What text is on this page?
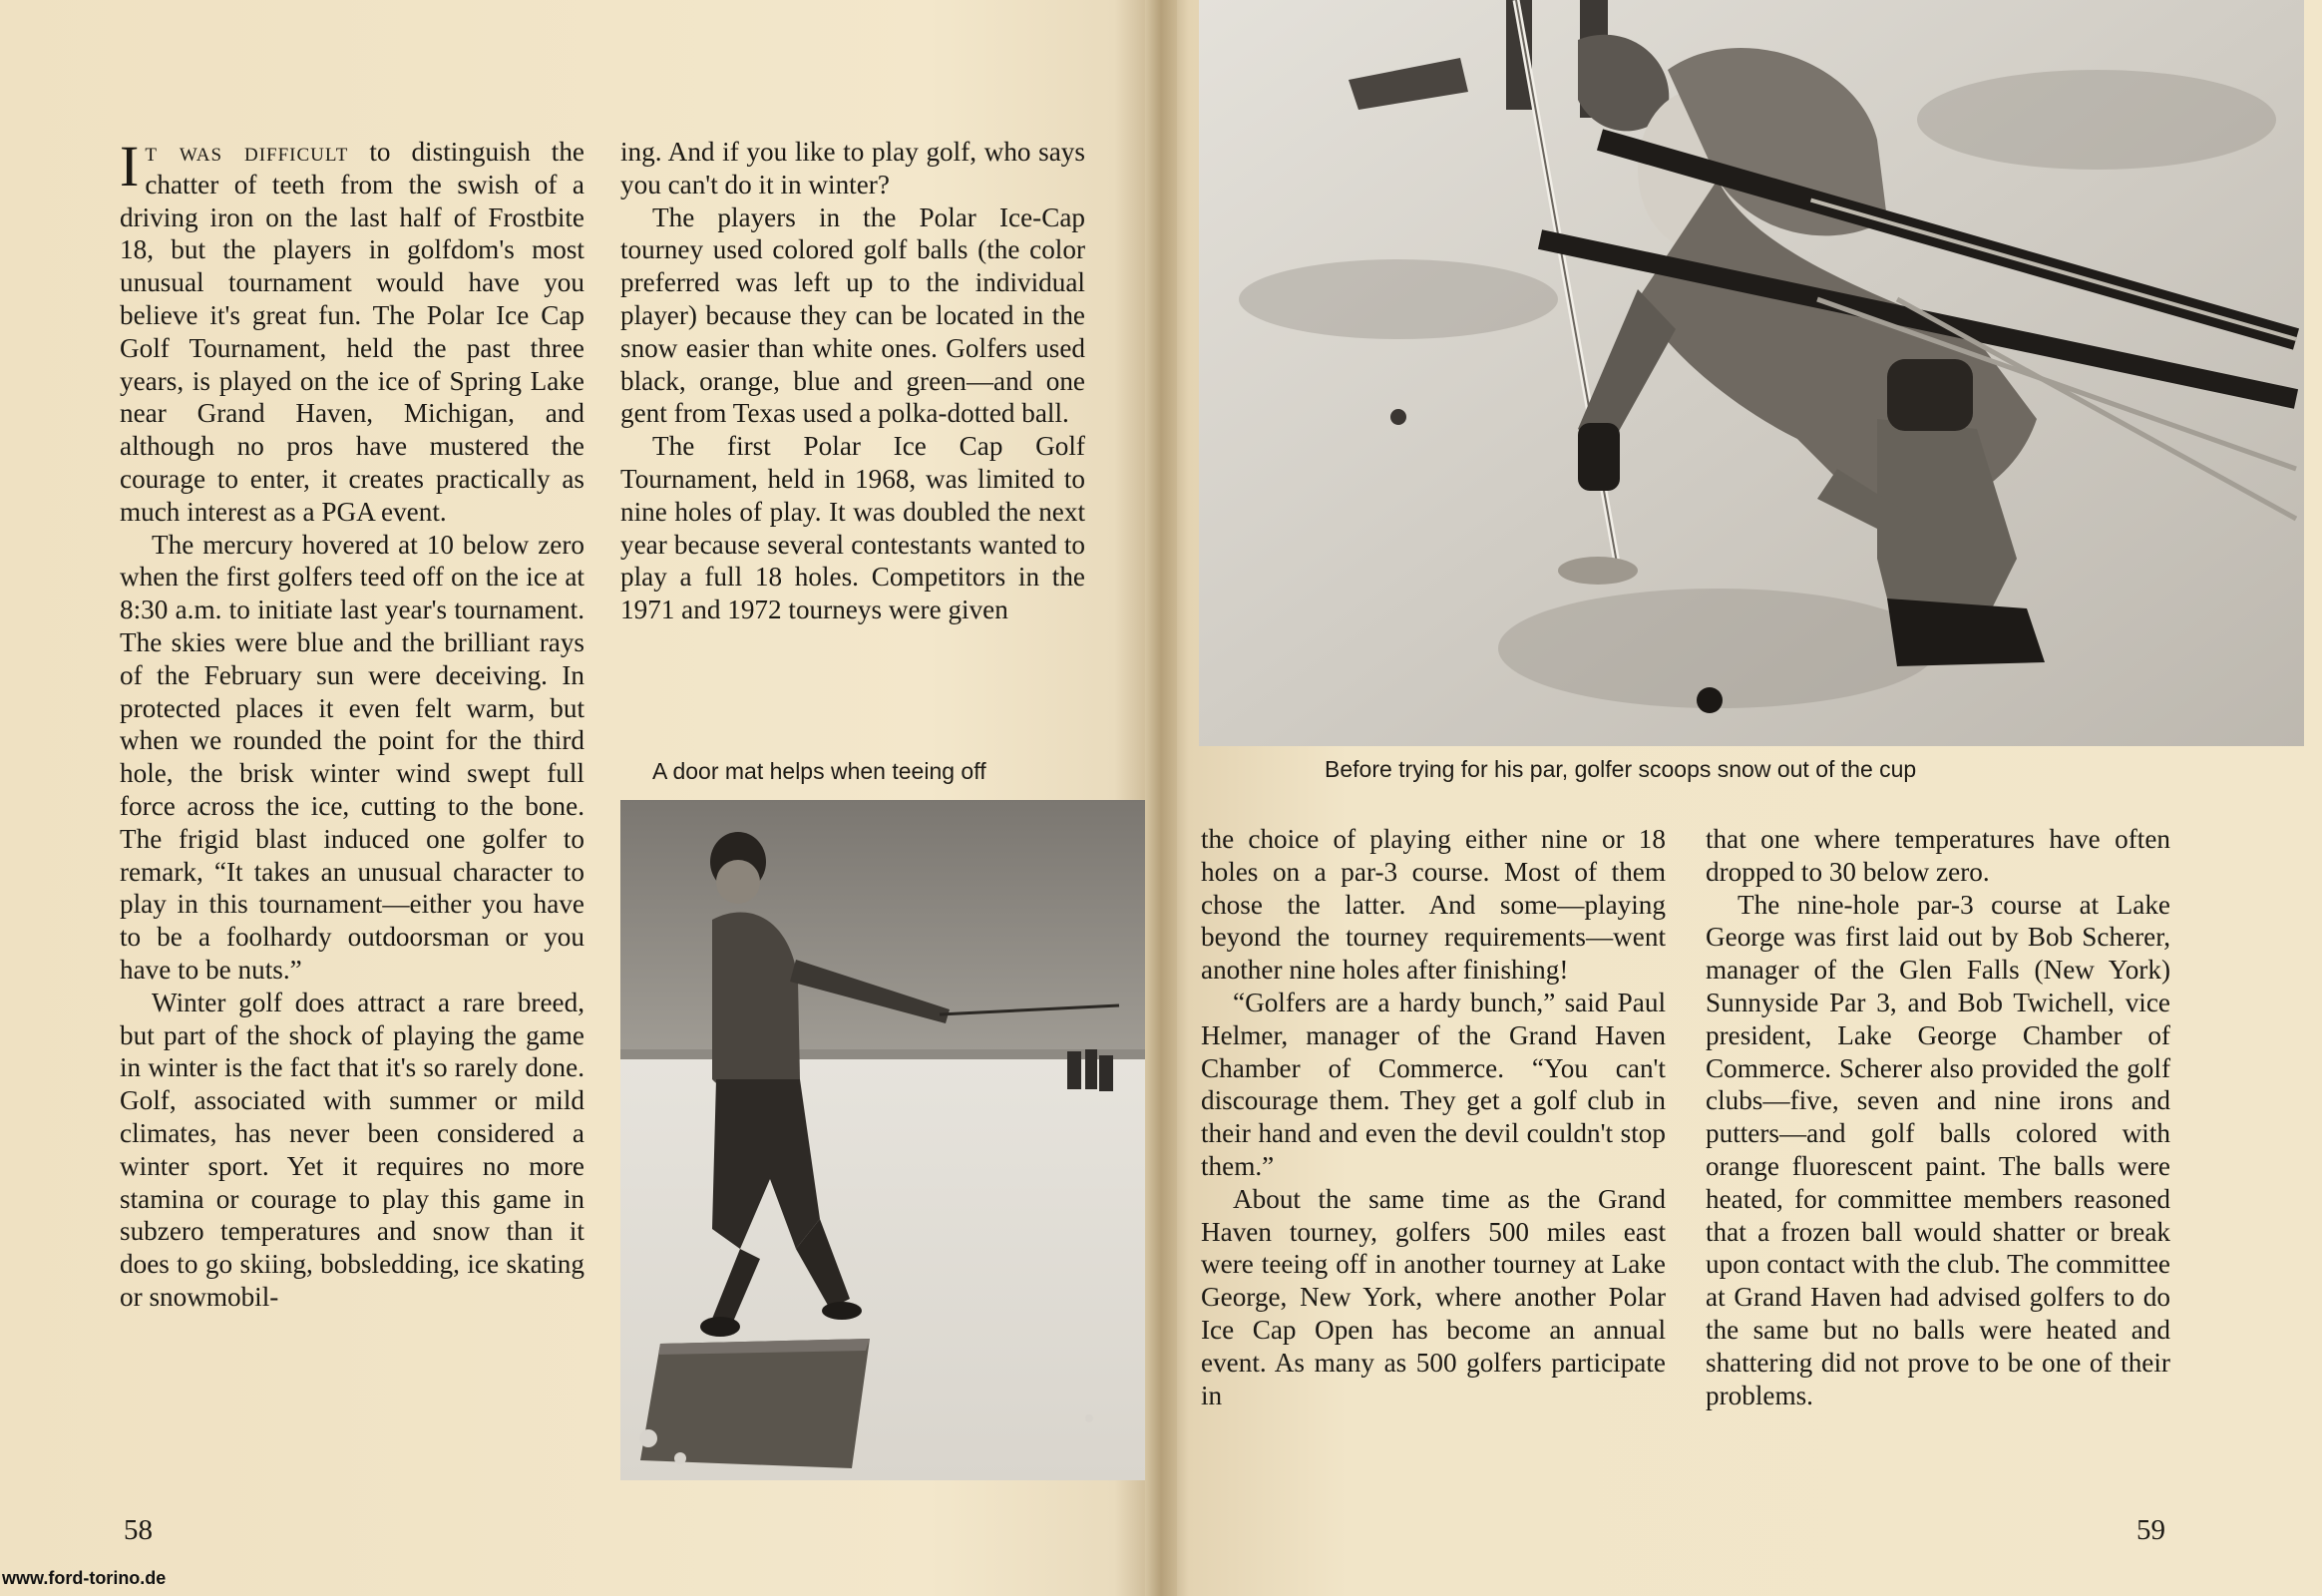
It was difficult to distinguish the chatter of teeth from the swish of a driving iron on the last half of Frostbite 18, but the players in golfdom's most unusual tournament would have you believe it's great fun. The Polar Ice Cap Golf Tournament, held the past three years, is played on the ice of Spring Lake near Grand Haven, Michigan, and although no pros have mustered the courage to enter, it creates practically as much interest as a PGA event.

The mercury hovered at 10 below zero when the first golfers teed off on the ice at 8:30 a.m. to initiate last year's tournament. The skies were blue and the brilliant rays of the February sun were deceiving. In protected places it even felt warm, but when we rounded the point for the third hole, the brisk winter wind swept full force across the ice, cutting to the bone. The frigid blast induced one golfer to remark, “It takes an unusual character to play in this tournament—either you have to be a foolhardy outdoorsman or you have to be nuts.”

Winter golf does attract a rare breed, but part of the shock of playing the game in winter is the fact that it's so rarely done. Golf, associated with summer or mild climates, has never been considered a winter sport. Yet it requires no more stamina or courage to play this game in subzero temperatures and snow than it does to go skiing, bobsledding, ice skating or snowmobil-

ing. And if you like to play golf, who says you can't do it in winter?

The players in the Polar Ice-Cap tourney used colored golf balls (the color preferred was left up to the individual player) because they can be located in the snow easier than white ones. Golfers used black, orange, blue and green—and one gent from Texas used a polka-dotted ball.

The first Polar Ice Cap Golf Tournament, held in 1968, was limited to nine holes of play. It was doubled the next year because several contestants wanted to play a full 18 holes. Competitors in the 1971 and 1972 tourneys were given

A door mat helps when teeing off
58
www.ford-torino.de
Before trying for his par, golfer scoops snow out of the cup

the choice of playing either nine or 18 holes on a par-3 course. Most of them chose the latter. And some—playing beyond the tourney requirements—went another nine holes after finishing!

“Golfers are a hardy bunch,” said Paul Helmer, manager of the Grand Haven Chamber of Commerce. “You can't discourage them. They get a golf club in their hand and even the devil couldn't stop them.”

About the same time as the Grand Haven tourney, golfers 500 miles east were teeing off in another tourney at Lake George, New York, where another Polar Ice Cap Open has become an annual event. As many as 500 golfers participate in

that one where temperatures have often dropped to 30 below zero.

The nine-hole par-3 course at Lake George was first laid out by Bob Scherer, manager of the Glen Falls (New York) Sunnyside Par 3, and Bob Twichell, vice president, Lake George Chamber of Commerce. Scherer also provided the golf clubs—five, seven and nine irons and putters—and golf balls colored with orange fluorescent paint. The balls were heated, for committee members reasoned that a frozen ball would shatter or break upon contact with the club. The committee at Grand Haven had advised golfers to do the same but no balls were heated and shattering did not prove to be one of their problems.

59
